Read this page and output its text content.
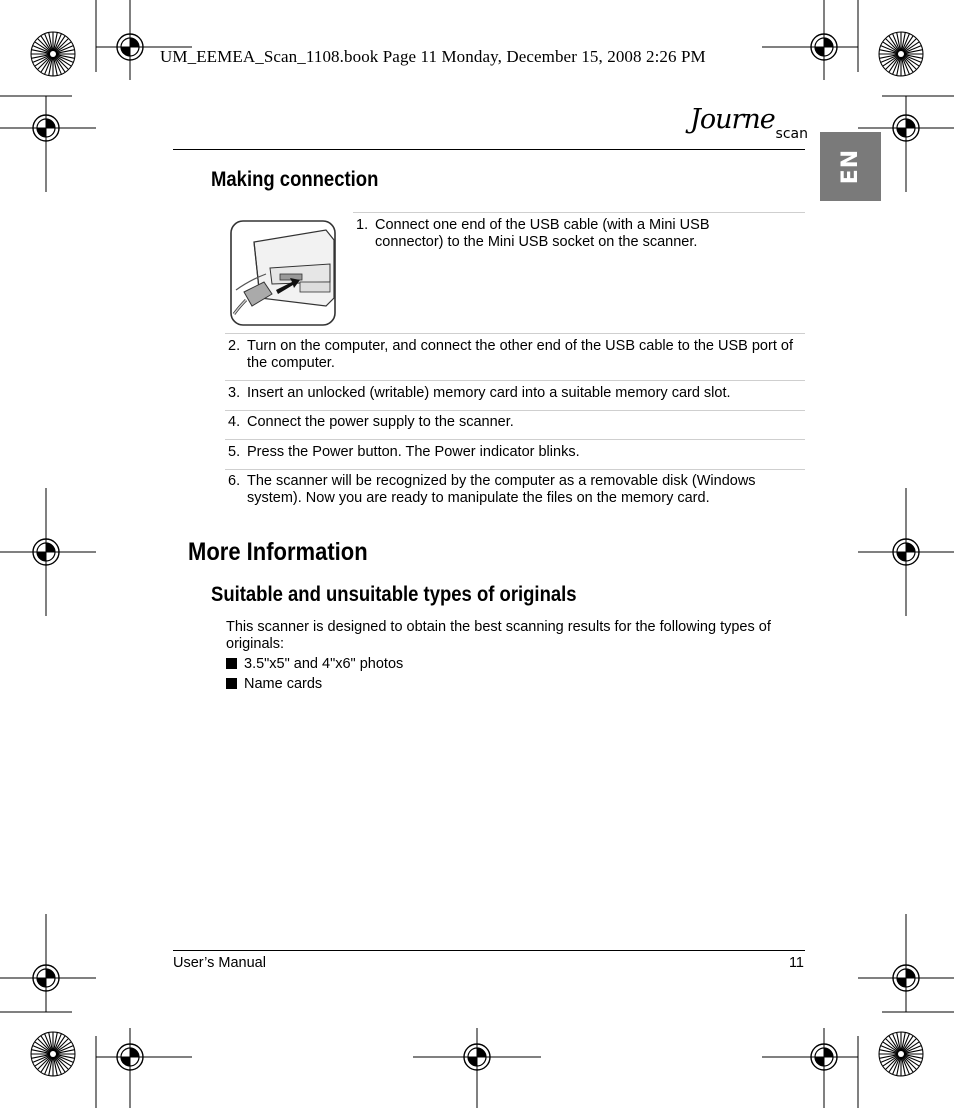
UM_EEMEA_Scan_1108.book Page 11 Monday, December 15, 2008 2:26 PM
Journe scan
EN
Making connection
1. Connect one end of the USB cable (with a Mini USB connector) to the Mini USB socket on the scanner.
2. Turn on the computer, and connect the other end of the USB cable to the USB port of the computer.
3. Insert an unlocked (writable) memory card into a suitable memory card slot.
4. Connect the power supply to the scanner.
5. Press the Power button. The Power indicator blinks.
6. The scanner will be recognized by the computer as a removable disk (Windows system). Now you are ready to manipulate the files on the memory card.
More Information
Suitable and unsuitable types of originals
This scanner is designed to obtain the best scanning results for the following types of originals:
3.5"x5" and 4"x6" photos
Name cards
User’s Manual	11
